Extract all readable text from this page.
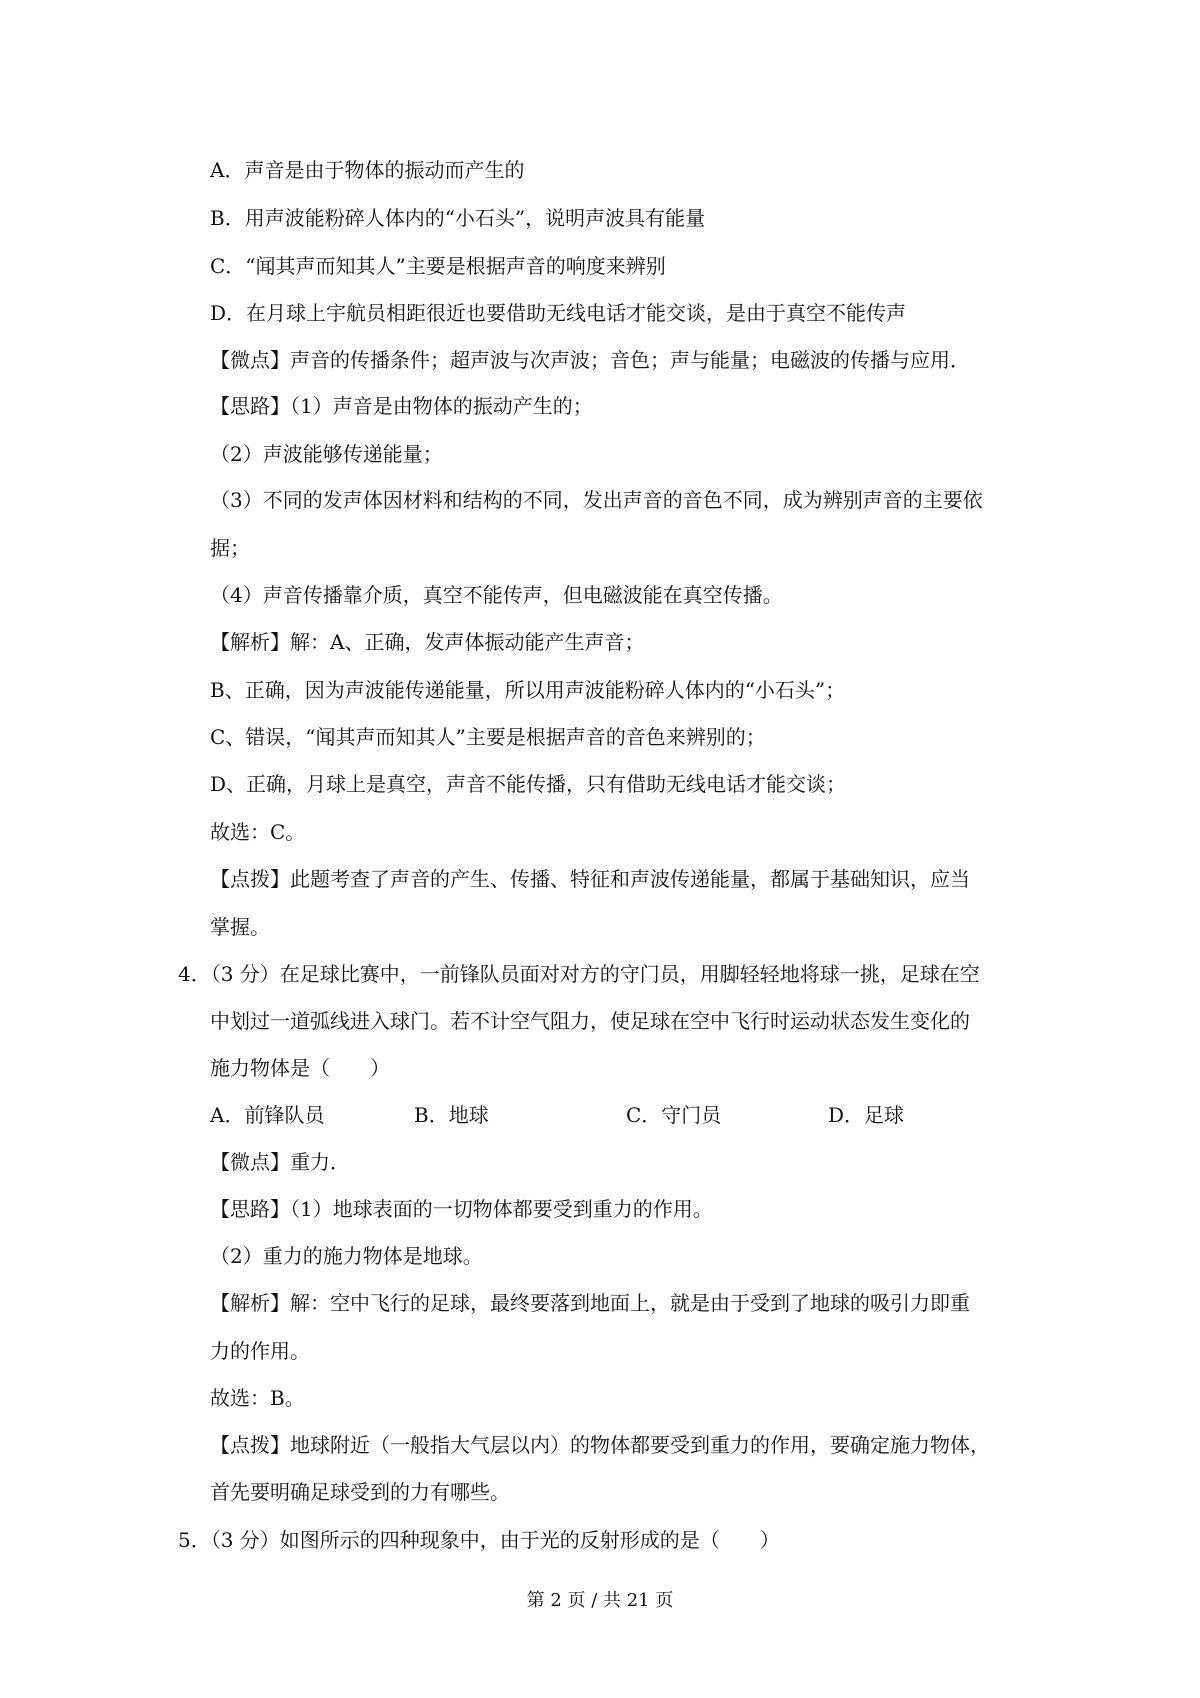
A．声音是由于物体的振动而产生的
B．用声波能粉碎人体内的“小石头”，说明声波具有能量
C．“闻其声而知其人”主要是根据声音的响度来辨别
D．在月球上宇航员相距很近也要借助无线电话才能交谈，是由于真空不能传声
【微点】声音的传播条件；超声波与次声波；音色；声与能量；电磁波的传播与应用．
【思路】（1）声音是由物体的振动产生的；
（2）声波能够传递能量；
（3）不同的发声体因材料和结构的不同，发出声音的音色不同，成为辨别声音的主要依
据；
（4）声音传播靠介质，真空不能传声，但电磁波能在真空传播。
【解析】解：A、正确，发声体振动能产生声音；
B、正确，因为声波能传递能量，所以用声波能粉碎人体内的“小石头”；
C、错误，“闻其声而知其人”主要是根据声音的音色来辨别的；
D、正确，月球上是真空，声音不能传播，只有借助无线电话才能交谈；
故选：C。
【点拨】此题考查了声音的产生、传播、特征和声波传递能量，都属于基础知识，应当
掌握。
4．（3 分）在足球比赛中，一前锋队员面对对方的守门员，用脚轻轻地将球一挑，足球在空
中划过一道弧线进入球门。若不计空气阻力，使足球在空中飞行时运动状态发生变化的
施力物体是（　　）
A．前锋队员	B．地球	C．守门员	D．足球
【微点】重力．
【思路】（1）地球表面的一切物体都要受到重力的作用。
（2）重力的施力物体是地球。
【解析】解：空中飞行的足球，最终要落到地面上，就是由于受到了地球的吸引力即重
力的作用。
故选：B。
【点拨】地球附近（一般指大气层以内）的物体都要受到重力的作用，要确定施力物体，
首先要明确足球受到的力有哪些。
5．（3 分）如图所示的四种现象中，由于光的反射形成的是（　　）
第 2 页 / 共 21 页
